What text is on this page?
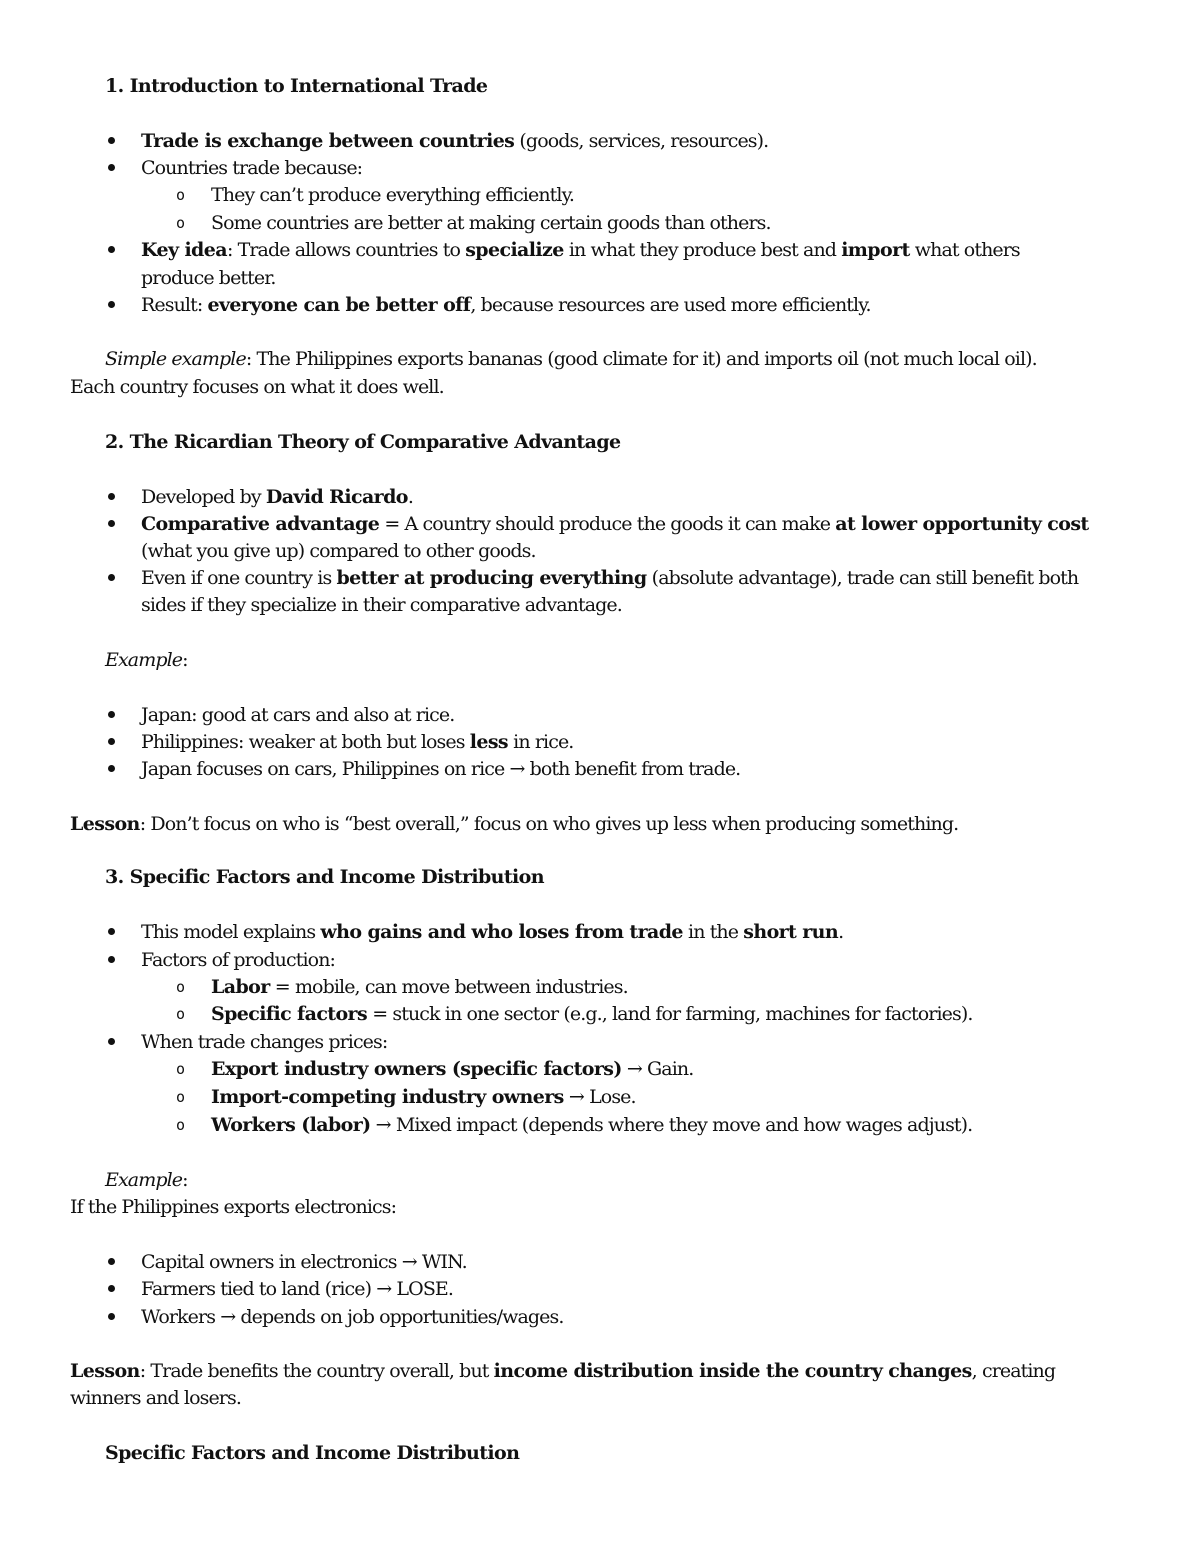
1. Introduction to International Trade
Trade is exchange between countries (goods, services, resources).
Countries trade because:
o They can’t produce everything efficiently.
o Some countries are better at making certain goods than others.
Key idea: Trade allows countries to specialize in what they produce best and import what others
produce better.
Result: everyone can be better off, because resources are used more efficiently.
Simple example: The Philippines exports bananas (good climate for it) and imports oil (not much local oil).
Each country focuses on what it does well.
2. The Ricardian Theory of Comparative Advantage
Developed by David Ricardo.
Comparative advantage = A country should produce the goods it can make at lower opportunity cost
(what you give up) compared to other goods.
Even if one country is better at producing everything (absolute advantage), trade can still benefit both
sides if they specialize in their comparative advantage.
Example:
Japan: good at cars and also at rice.
Philippines: weaker at both but loses less in rice.
Japan focuses on cars, Philippines on rice → both benefit from trade.
Lesson: Don’t focus on who is “best overall,” focus on who gives up less when producing something.
3. Specific Factors and Income Distribution
This model explains who gains and who loses from trade in the short run.
Factors of production:
o Labor = mobile, can move between industries.
o Specific factors = stuck in one sector (e.g., land for farming, machines for factories).
When trade changes prices:
o Export industry owners (specific factors) → Gain.
o Import-competing industry owners → Lose.
o Workers (labor) → Mixed impact (depends where they move and how wages adjust).
Example:
If the Philippines exports electronics:
Capital owners in electronics → WIN.
Farmers tied to land (rice) → LOSE.
Workers → depends on job opportunities/wages.
Lesson: Trade benefits the country overall, but income distribution inside the country changes, creating
winners and losers.
Specific Factors and Income Distribution
